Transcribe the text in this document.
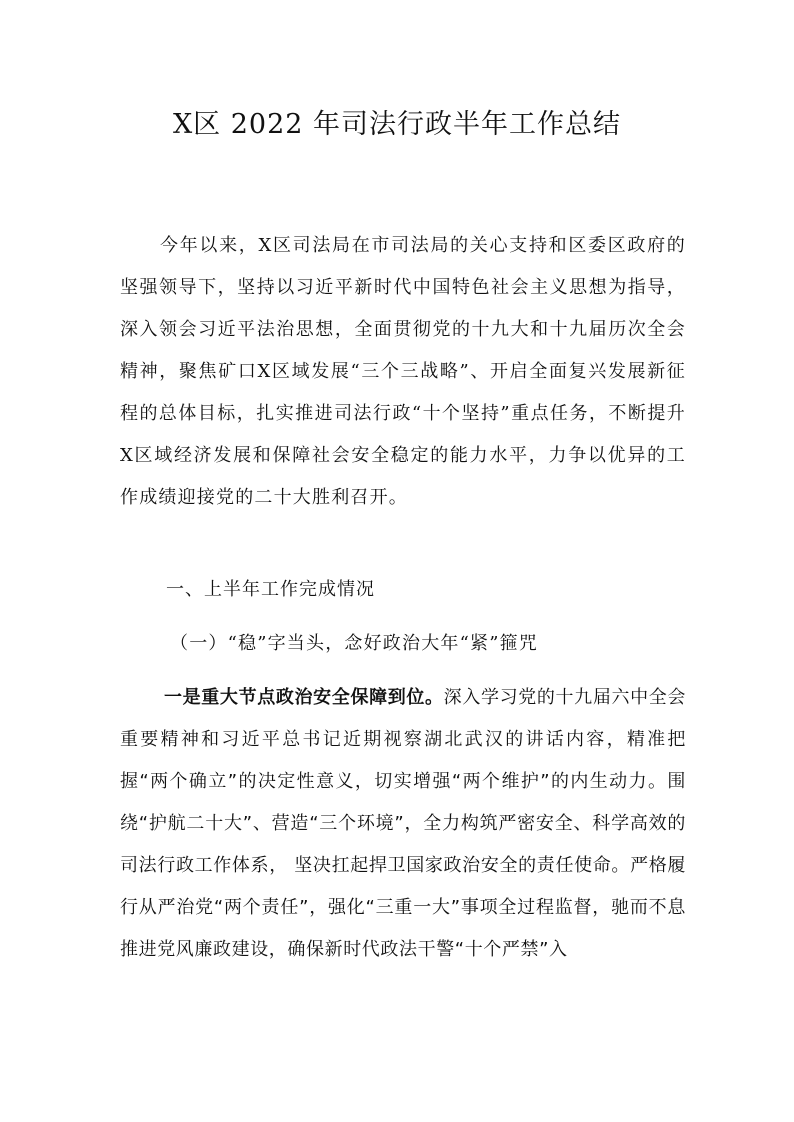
X区 2022 年司法行政半年工作总结
今年以来，X区司法局在市司法局的关心支持和区委区政府的坚强领导下，坚持以习近平新时代中国特色社会主义思想为指导，深入领会习近平法治思想，全面贯彻党的十九大和十九届历次全会精神，聚焦矿口X区域发展“三个三战略”、开启全面复兴发展新征程的总体目标，扎实推进司法行政“十个坚持”重点任务，不断提升X区域经济发展和保障社会安全稳定的能力水平，力争以优异的工作成绩迎接党的二十大胜利召开。
一、上半年工作完成情况
（一）“稳”字当头，念好政治大年“紧”箍咒
一是重大节点政治安全保障到位。深入学习党的十九届六中全会重要精神和习近平总书记近期视察湖北武汉的讲话内容，精准把握“两个确立”的决定性意义，切实增强“两个维护”的内生动力。围绕“护航二十大”、营造“三个环境”，全力构筑严密安全、科学高效的司法行政工作体系， 坚决扛起捍卫国家政治安全的责任使命。严格履行从严治党“两个责任”，强化“三重一大”事项全过程监督，驰而不息推进党风廉政建设，确保新时代政法干警“十个严禁”入
